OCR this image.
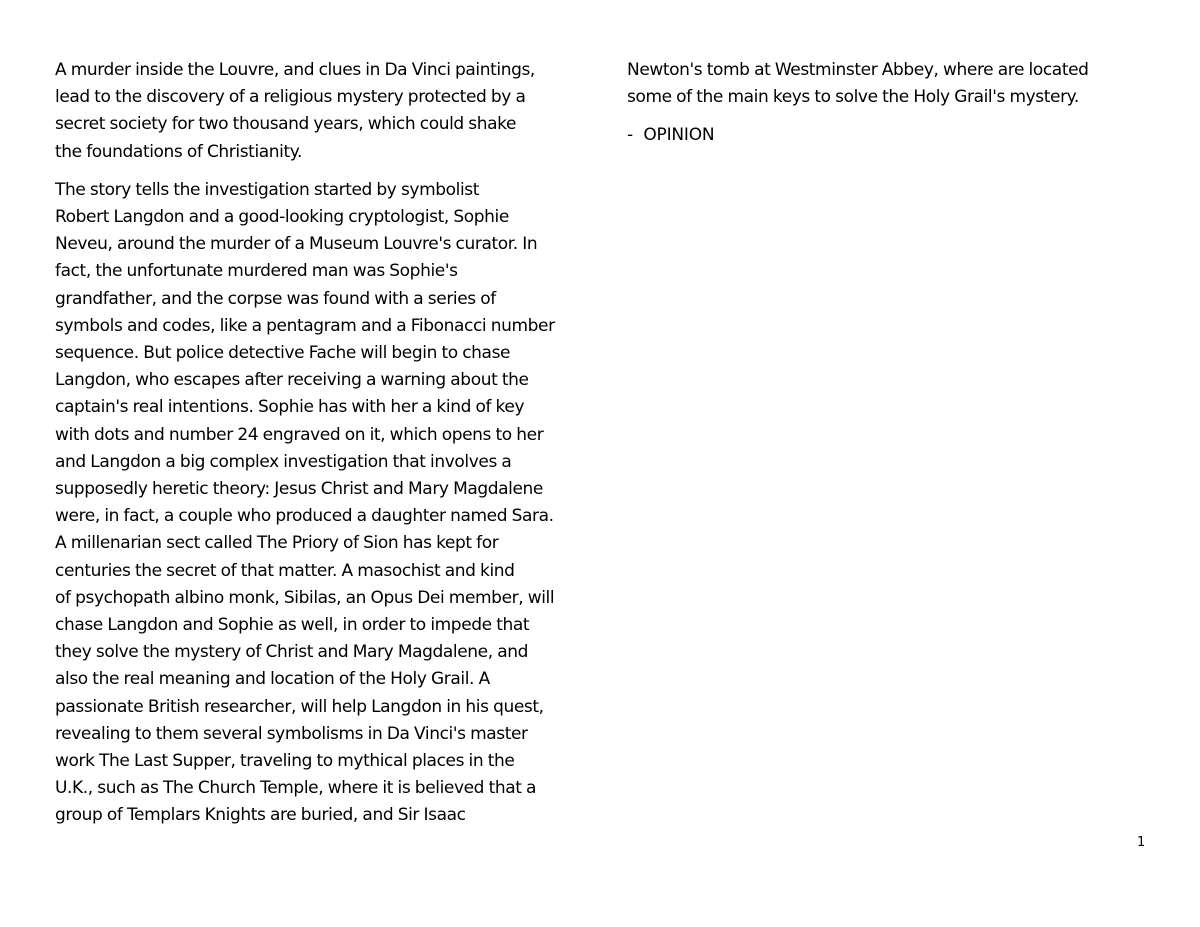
A murder inside the Louvre, and clues in Da Vinci paintings,
lead to the discovery of a religious mystery protected by a
secret society for two thousand years, which could shake
the foundations of Christianity.

The story tells the investigation started by symbolist
Robert Langdon and a good-looking cryptologist, Sophie
Neveu, around the murder of a Museum Louvre's curator. In
fact, the unfortunate murdered man was Sophie's
grandfather, and the corpse was found with a series of
symbols and codes, like a pentagram and a Fibonacci number
sequence. But police detective Fache will begin to chase
Langdon, who escapes after receiving a warning about the
captain's real intentions. Sophie has with her a kind of key
with dots and number 24 engraved on it, which opens to her
and Langdon a big complex investigation that involves a
supposedly heretic theory: Jesus Christ and Mary Magdalene
were, in fact, a couple who produced a daughter named Sara.
A millenarian sect called The Priory of Sion has kept for
centuries the secret of that matter. A masochist and kind
of psychopath albino monk, Sibilas, an Opus Dei member, will
chase Langdon and Sophie as well, in order to impede that
they solve the mystery of Christ and Mary Magdalene, and
also the real meaning and location of the Holy Grail. A
passionate British researcher, will help Langdon in his quest,
revealing to them several symbolisms in Da Vinci's master
work The Last Supper, traveling to mythical places in the
U.K., such as The Church Temple, where it is believed that a
group of Templars Knights are buried, and Sir Isaac

Newton's tomb at Westminster Abbey, where are located
some of the main keys to solve the Holy Grail's mystery.

-  OPINION

1
